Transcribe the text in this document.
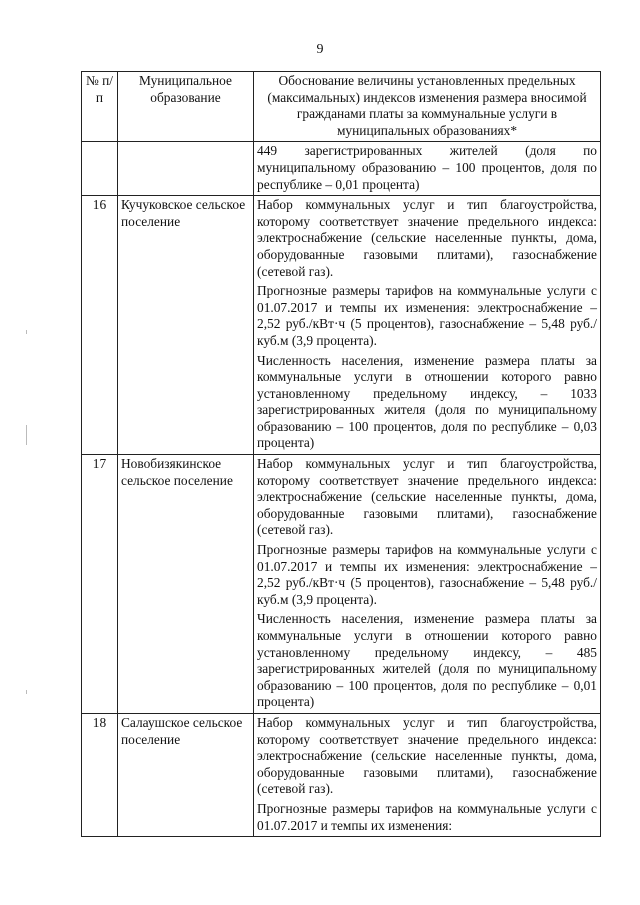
9
№ п/п	Муниципальное образование	Обоснование величины установленных предельных (максимальных) индексов изменения размера вносимой гражданами платы за коммунальные услуги в муниципальных образованиях*

		449 зарегистрированных жителей (доля по муниципальному образованию – 100 процентов, доля по республике – 0,01 процента)

16	Кучуковское сельское поселение	Набор коммунальных услуг и тип благоустройства, которому соответствует значение предельного индекса: электроснабжение (сельские населенные пункты, дома, оборудованные газовыми плитами), газоснабжение (сетевой газ).

Прогнозные размеры тарифов на коммунальные услуги с 01.07.2017 и темпы их изменения: электроснабжение – 2,52 руб./кВт·ч (5 процентов), газоснабжение – 5,48 руб./куб.м (3,9 процента).

Численность населения, изменение размера платы за коммунальные услуги в отношении которого равно установленному предельному индексу, – 1033 зарегистрированных жителя (доля по муниципальному образованию – 100 процентов, доля по республике – 0,03 процента)

17	Новобизякинское сельское поселение	Набор коммунальных услуг и тип благоустройства, которому соответствует значение предельного индекса: электроснабжение (сельские населенные пункты, дома, оборудованные газовыми плитами), газоснабжение (сетевой газ).

Прогнозные размеры тарифов на коммунальные услуги с 01.07.2017 и темпы их изменения: электроснабжение – 2,52 руб./кВт·ч (5 процентов), газоснабжение – 5,48 руб./куб.м (3,9 процента).

Численность населения, изменение размера платы за коммунальные услуги в отношении которого равно установленному предельному индексу, – 485 зарегистрированных жителей (доля по муниципальному образованию – 100 процентов, доля по республике – 0,01 процента)

18	Салаушское сельское поселение	Набор коммунальных услуг и тип благоустройства, которому соответствует значение предельного индекса: электроснабжение (сельские населенные пункты, дома, оборудованные газовыми плитами), газоснабжение (сетевой газ).

Прогнозные размеры тарифов на коммунальные услуги с 01.07.2017 и темпы их изменения:
